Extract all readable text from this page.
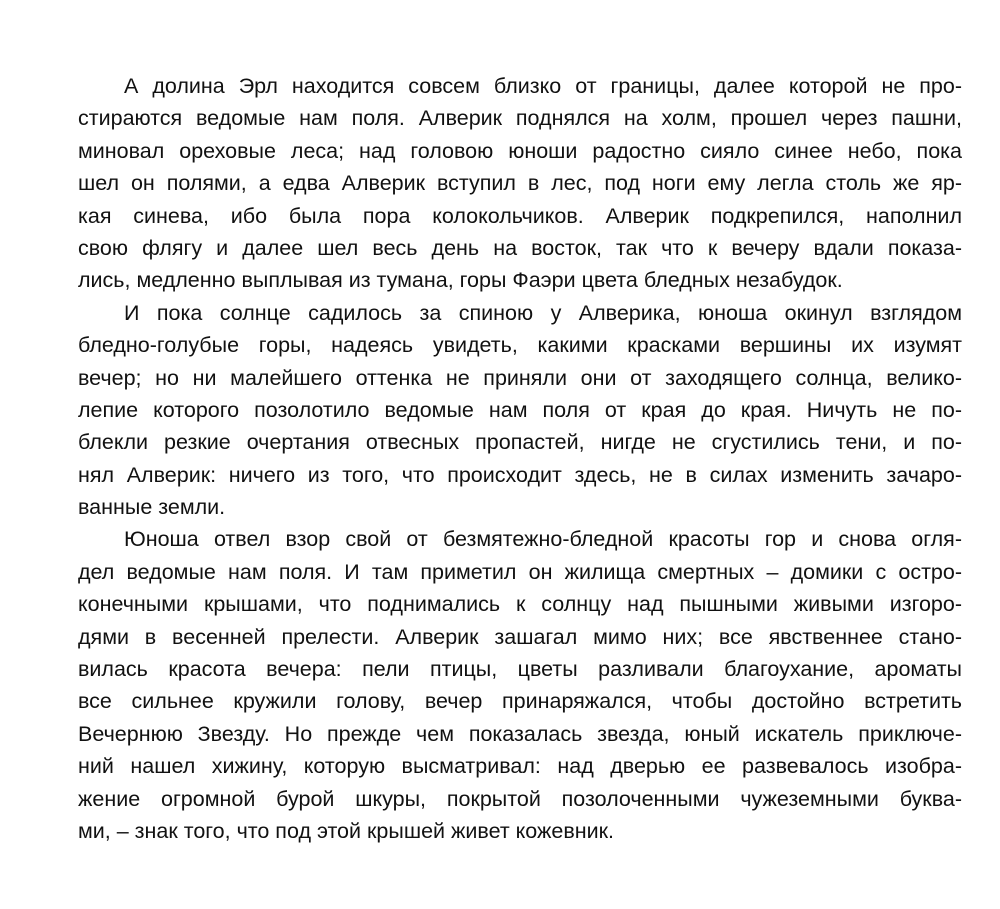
А долина Эрл находится совсем близко от границы, далее которой не про-
стираются ведомые нам поля. Алверик поднялся на холм, прошел через пашни,
миновал ореховые леса; над головою юноши радостно сияло синее небо, пока
шел он полями, а едва Алверик вступил в лес, под ноги ему легла столь же яр-
кая синева, ибо была пора колокольчиков. Алверик подкрепился, наполнил
свою флягу и далее шел весь день на восток, так что к вечеру вдали показа-
лись, медленно выплывая из тумана, горы Фаэри цвета бледных незабудок.

И пока солнце садилось за спиною у Алверика, юноша окинул взглядом
бледно-голубые горы, надеясь увидеть, какими красками вершины их изумят
вечер; но ни малейшего оттенка не приняли они от заходящего солнца, велико-
лепие которого позолотило ведомые нам поля от края до края. Ничуть не по-
блекли резкие очертания отвесных пропастей, нигде не сгустились тени, и по-
нял Алверик: ничего из того, что происходит здесь, не в силах изменить зачаро-
ванные земли.

Юноша отвел взор свой от безмятежно-бледной красоты гор и снова огля-
дел ведомые нам поля. И там приметил он жилища смертных – домики с остро-
конечными крышами, что поднимались к солнцу над пышными живыми изгоро-
дями в весенней прелести. Алверик зашагал мимо них; все явственнее стано-
вилась красота вечера: пели птицы, цветы разливали благоухание, ароматы
все сильнее кружили голову, вечер принаряжался, чтобы достойно встретить
Вечернюю Звезду. Но прежде чем показалась звезда, юный искатель приключе-
ний нашел хижину, которую высматривал: над дверью ее развевалось изобра-
жение огромной бурой шкуры, покрытой позолоченными чужеземными буква-
ми, – знак того, что под этой крышей живет кожевник.
